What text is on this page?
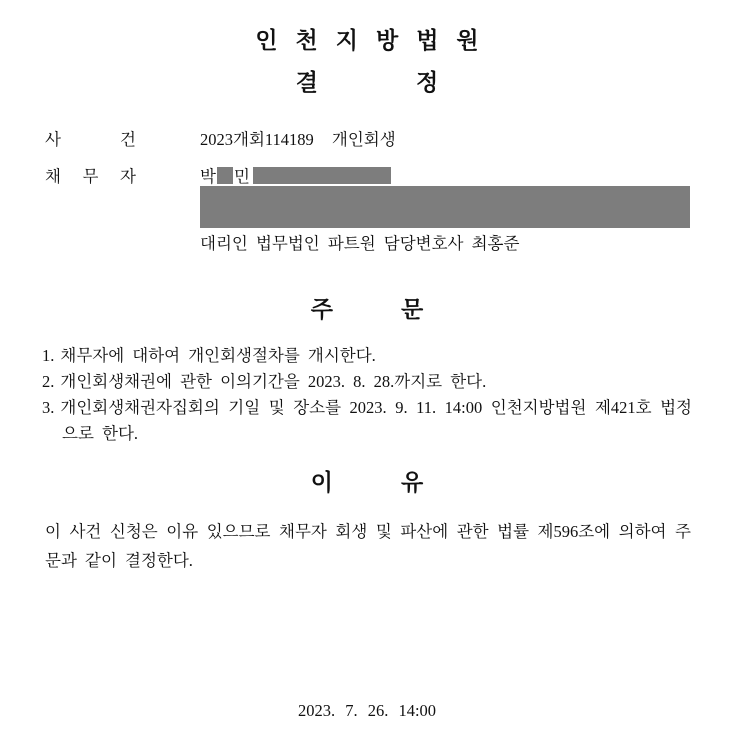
인천지방법원
결	정
사	건	2023개회114189 개인회생
채 무 자	박 민
대리인 법무법인 파트원 담당변호사 최홍준
주	문
1. 채무자에 대하여 개인회생절차를 개시한다.
2. 개인회생채권에 관한 이의기간을 2023. 8. 28.까지로 한다.
3. 개인회생채권자집회의 기일 및 장소를 2023. 9. 11. 14:00 인천지방법원 제421호 법정으로 한다.
이	유

이 사건 신청은 이유 있으므로 채무자 회생 및 파산에 관한 법률 제596조에 의하여 주문과 같이 결정한다.

2023. 7. 26. 14:00
